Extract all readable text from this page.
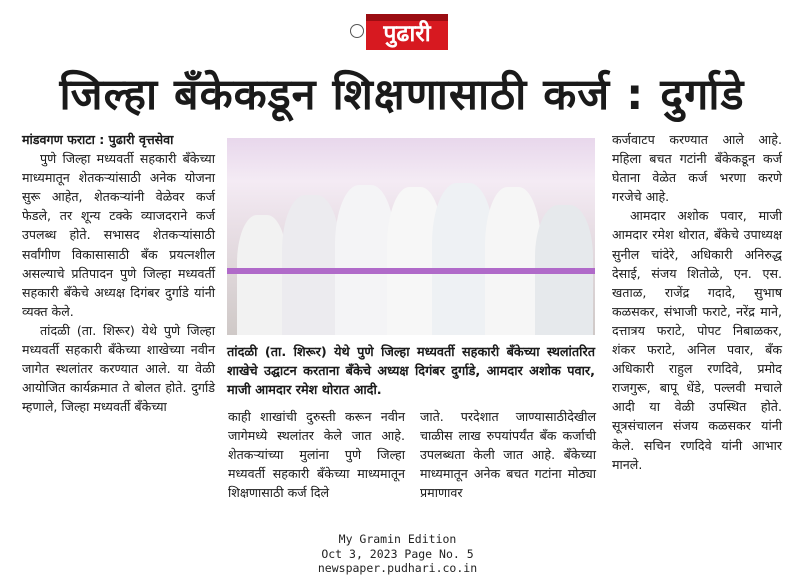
पुढारी
जिल्हा बँकेकडून शिक्षणासाठी कर्ज : दुर्गाडे

मांडवगण फराटा : पुढारी वृत्तसेवा

पुणे जिल्हा मध्यवर्ती सहकारी बँकेच्या माध्यमातून शेतकऱ्यांसाठी अनेक योजना सुरू आहेत, शेतकऱ्यांनी वेळेवर कर्ज फेडले, तर शून्य टक्के व्याजदराने कर्ज उपलब्ध होते. सभासद शेतकऱ्यांसाठी सर्वांगीण विकासासाठी बँक प्रयत्नशील असल्याचे प्रतिपादन पुणे जिल्हा मध्यवर्ती सहकारी बँकेचे अध्यक्ष दिगंबर दुर्गाडे यांनी व्यक्त केले.

तांदळी (ता. शिरूर) येथे पुणे जिल्हा मध्यवर्ती सहकारी बँकेच्या शाखेच्या नवीन जागेत स्थलांतर करण्यात आले. या वेळी आयोजित कार्यक्रमात ते बोलत होते. दुर्गाडे म्हणाले, जिल्हा मध्यवर्ती बँकेच्या

तांदळी (ता. शिरूर) येथे पुणे जिल्हा मध्यवर्ती सहकारी बँकेच्या स्थलांतरित शाखेचे उद्घाटन करताना बँकेचे अध्यक्ष दिगंबर दुर्गाडे, आमदार अशोक पवार, माजी आमदार रमेश थोरात आदी.

काही शाखांची दुरुस्ती करून नवीन जागेमध्ये स्थलांतर केले जात आहे. शेतकऱ्यांच्या मुलांना पुणे जिल्हा मध्यवर्ती सहकारी बँकेच्या माध्यमातून शिक्षणासाठी कर्ज दिले

जाते. परदेशात जाण्यासाठीदेखील चाळीस लाख रुपयांपर्यंत बँक कर्जाची उपलब्धता केली जात आहे. बँकेच्या माध्यमातून अनेक बचत गटांना मोठ्या प्रमाणावर

कर्जवाटप करण्यात आले आहे. महिला बचत गटांनी बँकेकडून कर्ज घेताना वेळेत कर्ज भरणा करणे गरजेचे आहे.

आमदार अशोक पवार, माजी आमदार रमेश थोरात, बँकेचे उपाध्यक्ष सुनील चांदेरे, अधिकारी अनिरुद्ध देसाई, संजय शितोळे, एन. एस. खताळ, राजेंद्र गदादे, सुभाष कळसकर, संभाजी फराटे, नरेंद्र माने, दत्तात्रय फराटे, पोपट निबाळकर, शंकर फराटे, अनिल पवार, बँक अधिकारी राहुल रणदिवे, प्रमोद राजगुरू, बापू धेंडे, पल्लवी मचाले आदी या वेळी उपस्थित होते. सूत्रसंचालन संजय कळसकर यांनी केले. सचिन रणदिवे यांनी आभार मानले.

My Gramin Edition
Oct 3, 2023 Page No. 5
newspaper.pudhari.co.in
